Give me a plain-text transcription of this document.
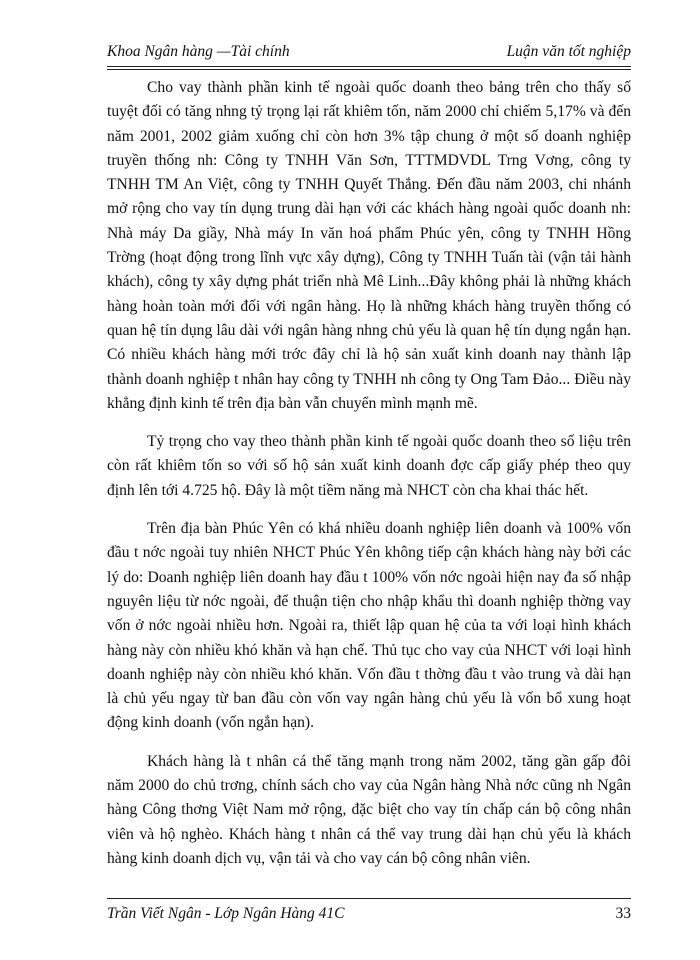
Khoa Ngân hàng —Tài chính	Luận văn tốt nghiệp

Cho vay thành phần kinh tế ngoài quốc doanh theo bảng trên cho thấy số tuyệt đối có tăng nhng tỷ trọng lại rất khiêm tốn, năm 2000 chỉ chiếm 5,17% và đến năm 2001, 2002 giảm xuống chỉ còn hơn 3% tập chung ở một số doanh nghiệp truyền thống nh: Công ty TNHH Văn Sơn, TTTMDVDL Trng Vơng, công ty TNHH TM An Việt, công ty TNHH Quyết Thắng. Đến đầu năm 2003, chi nhánh mở rộng cho vay tín dụng trung dài hạn với các khách hàng ngoài quốc doanh nh: Nhà máy Da giầy, Nhà máy In văn hoá phẩm Phúc yên, công ty TNHH Hồng Trờng (hoạt động trong lĩnh vực xây dựng), Công ty TNHH Tuấn tài (vận tải hành khách), công ty xây dựng phát triển nhà Mê Linh...Đây không phải là những khách hàng hoàn toàn mới đối với ngân hàng. Họ là những khách hàng truyền thống có quan hệ tín dụng lâu dài với ngân hàng nhng chủ yếu là quan hệ tín dụng ngắn hạn. Có nhiều khách hàng mới trớc đây chỉ là hộ sản xuất kinh doanh nay thành lập thành doanh nghiệp t nhân hay công ty TNHH nh công ty Ong Tam Đảo... Điều này khẳng định kinh tế trên địa bàn vẫn chuyển mình mạnh mẽ.

Tỷ trọng cho vay theo thành phần kinh tế ngoài quốc doanh theo số liệu trên còn rất khiêm tốn so với số hộ sản xuất kinh doanh đợc cấp giấy phép theo quy định lên tới 4.725 hộ. Đây là một tiềm năng mà NHCT còn cha khai thác hết.

Trên địa bàn Phúc Yên có khá nhiều doanh nghiệp liên doanh và 100% vốn đầu t nớc ngoài tuy nhiên NHCT Phúc Yên không tiếp cận khách hàng này bởi các lý do: Doanh nghiệp liên doanh hay đầu t 100% vốn nớc ngoài hiện nay đa số nhập nguyên liệu từ nớc ngoài, để thuận tiện cho nhập khẩu thì doanh nghiệp thờng vay vốn ở nớc ngoài nhiều hơn. Ngoài ra, thiết lập quan hệ của ta với loại hình khách hàng này còn nhiều khó khăn và hạn chế. Thủ tục cho vay của NHCT với loại hình doanh nghiệp này còn nhiều khó khăn. Vốn đầu t thờng đầu t vào trung và dài hạn là chủ yếu ngay từ ban đầu còn vốn vay ngân hàng chủ yếu là vốn bổ xung hoạt động kinh doanh (vốn ngắn hạn).

Khách hàng là t nhân cá thể tăng mạnh trong năm 2002, tăng gần gấp đôi năm 2000 do chủ trơng, chính sách cho vay của Ngân hàng Nhà nớc cũng nh Ngân hàng Công thơng Việt Nam mở rộng, đặc biệt cho vay tín chấp cán bộ công nhân viên và hộ nghèo. Khách hàng t nhân cá thể vay trung dài hạn chủ yếu là khách hàng kinh doanh dịch vụ, vận tải và cho vay cán bộ công nhân viên.

Trần Viết Ngân - Lớp Ngân Hàng 41C	33
